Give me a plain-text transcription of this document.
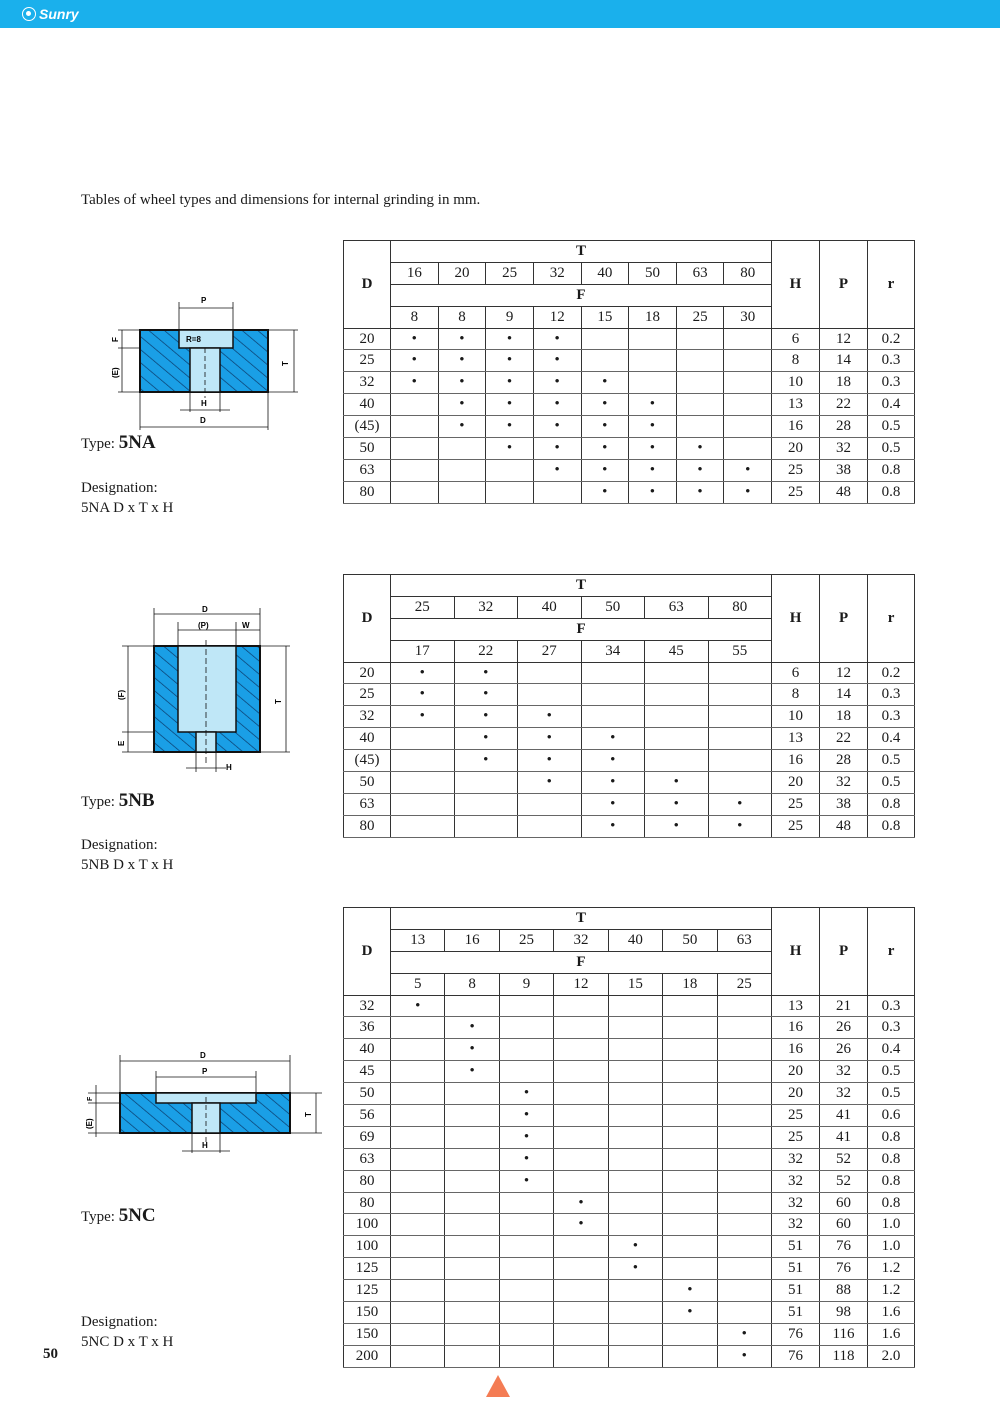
Sunry
Tables of wheel types and dimensions for internal grinding in mm.
R=8
P
H
D
T
F
(E)
Type: 5NA
Designation:
5NA D x T x H
D	T								H	P	r
	16	20	25	32	40	50	63	80			
	F										
	8	8	9	12	15	18	25	30			
20	•	•	•	•					6	12	0.2
25	•	•	•	•					8	14	0.3
32	•	•	•	•	•				10	18	0.3
40		•	•	•	•	•			13	22	0.4
(45)		•	•	•	•	•			16	28	0.5
50			•	•	•	•	•		20	32	0.5
63				•	•	•	•	•	25	38	0.8
80					•	•	•	•	25	48	0.8
D
(P)	W
(F)
E
H
T
Type: 5NB
Designation:
5NB D x T x H
D	T						H	P	r
	25	32	40	50	63	80			
	F								
	17	22	27	34	45	55			
20	•	•					6	12	0.2
25	•	•					8	14	0.3
32	•	•	•				10	18	0.3
40		•	•	•			13	22	0.4
(45)		•	•	•			16	28	0.5
50			•	•	•		20	32	0.5
63				•	•	•	25	38	0.8
80				•	•	•	25	48	0.8
D
P
F
(E)
H
T
Type: 5NC
Designation:
5NC D x T x H
D	T							H	P	r
	13	16	25	32	40	50	63			
	F									
	5	8	9	12	15	18	25			
32	•							13	21	0.3
36		•						16	26	0.3
40		•						16	26	0.4
45		•						20	32	0.5
50			•					20	32	0.5
56			•					25	41	0.6
69			•					25	41	0.8
63			•					32	52	0.8
80			•					32	52	0.8
80				•				32	60	0.8
100				•				32	60	1.0
100					•			51	76	1.0
125					•			51	76	1.2
125						•		51	88	1.2
150						•		51	98	1.6
150							•	76	116	1.6
200							•	76	118	2.0
50
